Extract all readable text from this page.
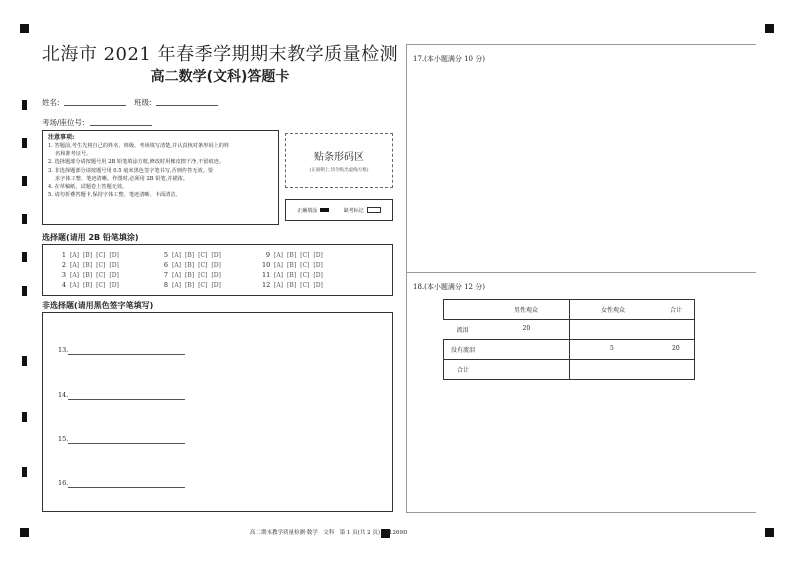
北海市 2021 年春季学期期末教学质量检测
高二数学(文科)答题卡
姓名:	班级:
考场/座位号:
注意事项:
1. 答题前,考生先将自己的姓名、班级、考场填写清楚,并认真核对条形码上的姓
名和准考证号。
2. 选择题部分请按题号用 2B 铅笔填涂方框,修改时用橡皮擦干净,不留痕迹。
3. 非选择题部分请按题号用 0.5 毫米黑色签字笔书写,否则作答无效。要
求字体工整、笔迹清晰。作图时,必须用 2B 铅笔,并描浓。
4. 在草稿纸、试题卷上答题无效。
5. 请勿折叠答题卡,保持字体工整、笔迹清晰、卡面清洁。
贴条形码区
(正面朝上,切勿贴出虚线方框)
正确填涂	缺考标记
选择题(请用 2B 铅笔填涂)
1 [A] [B] [C] [D]
2 [A] [B] [C] [D]
3 [A] [B] [C] [D]
4 [A] [B] [C] [D]
5 [A] [B] [C] [D]
6 [A] [B] [C] [D]
7 [A] [B] [C] [D]
8 [A] [B] [C] [D]
9 [A] [B] [C] [D]
10 [A] [B] [C] [D]
11 [A] [B] [C] [D]
12 [A] [B] [C] [D]
非选择题(请用黑色签字笔填写)
13.
14.
15.
16.
17.(本小题满分 10 分)
18.(本小题满分 12 分)
男性观众		女性观众 合计

流泪	20	

没有流泪		5 20

合计		

高二期末教学质量检测·数学　文科　第 1 页(共 2 页)　21269D
